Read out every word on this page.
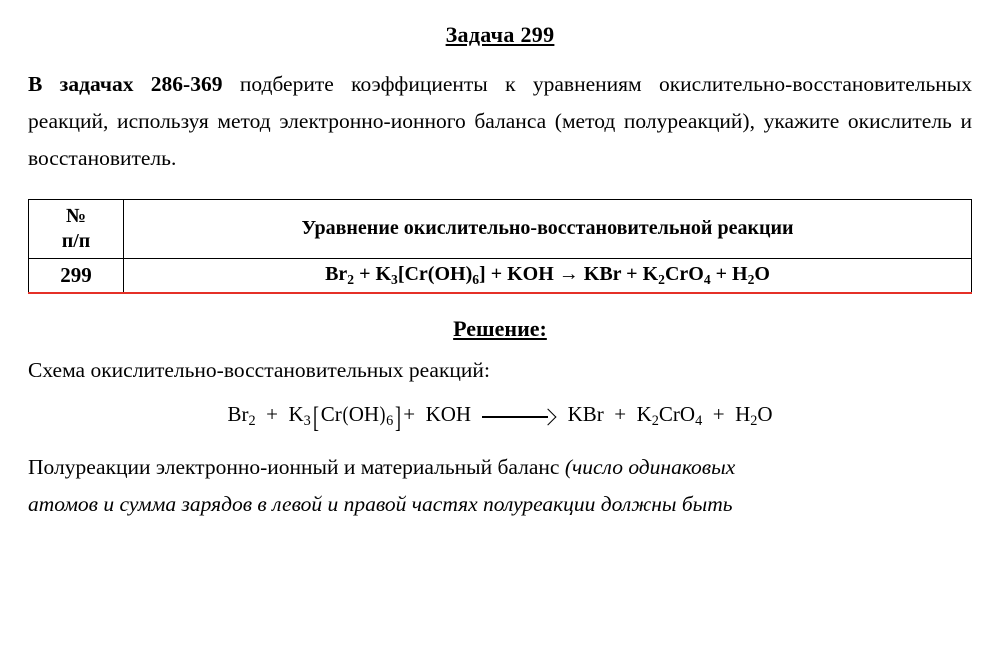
Задача 299

В задачах 286-369 подберите коэффициенты к уравнениям окислительно-восстановительных реакций, используя метод электронно-ионного баланса (метод полуреакций), укажите окислитель и восстановитель.

№
п/п	Уравнение окислительно-восстановительной реакции
299	$Br_2 + K_3[Cr(OH)_6]$ + KOH → KBr + $K_2CrO_4 + H_2O$
Решение:
Схема окислительно-восстановительных реакций:
$Br_2 + K_3[Cr(OH)_6]+$ KOH	KBr + $K_2CrO_4 + H_2O$

Полуреакции электронно-ионный и материальный баланс (число одинаковых

атомов и сумма зарядов в левой и правой частях полуреакции должны быть
